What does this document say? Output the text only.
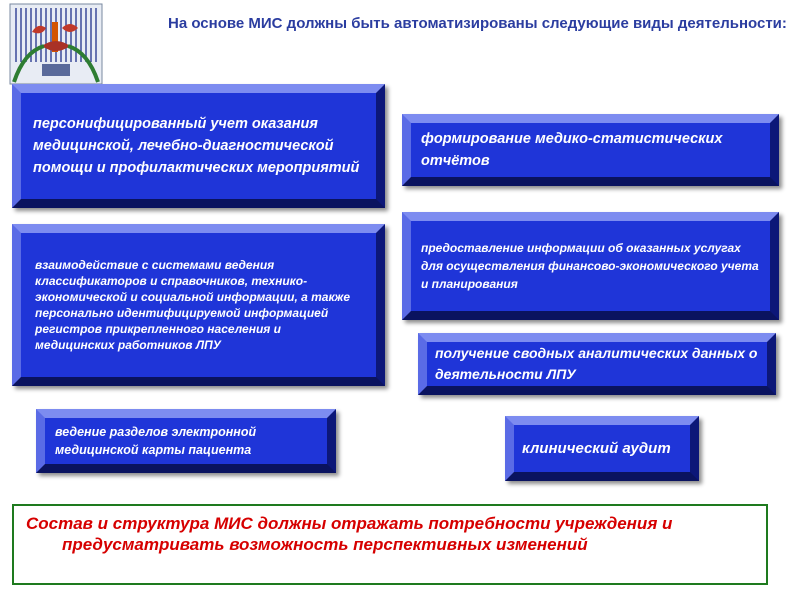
На основе МИС должны быть автоматизированы следующие виды деятельности:
персонифицированный учет оказания медицинской, лечебно-диагностической помощи и профилактических мероприятий
формирование медико-статистических отчётов
взаимодействие с системами ведения классификаторов и справочников, технико-экономической и социальной информации, а также персонально идентифицируемой информацией регистров прикрепленного населения и медицинских работников ЛПУ
предоставление информации об оказанных услугах для осуществления финансово-экономического учета и планирования
получение сводных аналитических данных о деятельности ЛПУ
ведение разделов электронной медицинской карты пациента	клинический аудит
Состав и структура МИС должны отражать потребности учреждения и предусматривать возможность перспективных изменений
